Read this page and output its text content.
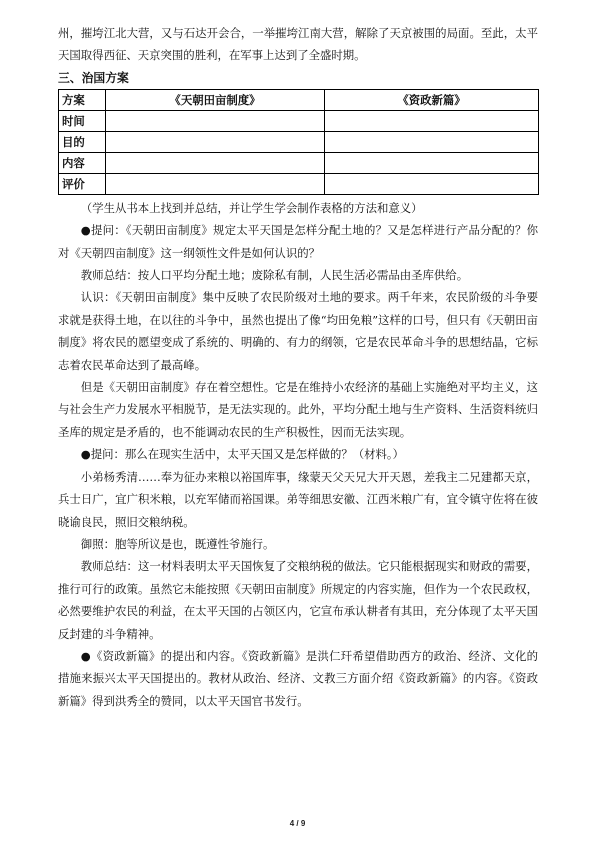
州，摧垮江北大营，又与石达开会合，一举摧垮江南大营，解除了天京被围的局面。至此，太平天国取得西征、天京突围的胜利，在军事上达到了全盛时期。

三、治国方案
方案	《天朝田亩制度》	《资政新篇》
时间		
目的		
内容		
评价		

（学生从书本上找到并总结，并让学生学会制作表格的方法和意义）

●提问：《天朝田亩制度》规定太平天国是怎样分配土地的？又是怎样进行产品分配的？你对《天朝四亩制度》这一纲领性文件是如何认识的？

教师总结：按人口平均分配土地；废除私有制，人民生活必需品由圣库供给。

认识：《天朝田亩制度》集中反映了农民阶级对土地的要求。两千年来，农民阶级的斗争要求就是获得土地，在以往的斗争中，虽然也提出了像“均田免粮”这样的口号，但只有《天朝田亩制度》将农民的愿望变成了系统的、明确的、有力的纲领，它是农民革命斗争的思想结晶，它标志着农民革命达到了最高峰。

但是《天朝田亩制度》存在着空想性。它是在维持小农经济的基础上实施绝对平均主义，这与社会生产力发展水平相脱节，是无法实现的。此外，平均分配土地与生产资料、生活资料统归圣库的规定是矛盾的，也不能调动农民的生产积极性，因而无法实现。

●提问：那么在现实生活中，太平天国又是怎样做的？（材料。）

小弟杨秀清……奉为征办来粮以裕国库事，缘蒙天父天兄大开天恩，差我主二兄建都天京，兵士日广，宜广积米粮，以充军储而裕国课。弟等细思安徽、江西米粮广有，宜令镇守佐将在彼晓谕良民，照旧交粮纳税。

御照：胞等所议是也，既遵性爷施行。

教师总结：这一材料表明太平天国恢复了交粮纳税的做法。它只能根据现实和财政的需要，推行可行的政策。虽然它未能按照《天朝田亩制度》所规定的内容实施，但作为一个农民政权，必然要维护农民的利益，在太平天国的占领区内，它宣布承认耕者有其田，充分体现了太平天国反封建的斗争精神。

●《资政新篇》的提出和内容。《资政新篇》是洪仁玕希望借助西方的政治、经济、文化的措施来振兴太平天国提出的。教材从政治、经济、文教三方面介绍《资政新篇》的内容。《资政新篇》得到洪秀全的赞同，以太平天国官书发行。

4 / 9
